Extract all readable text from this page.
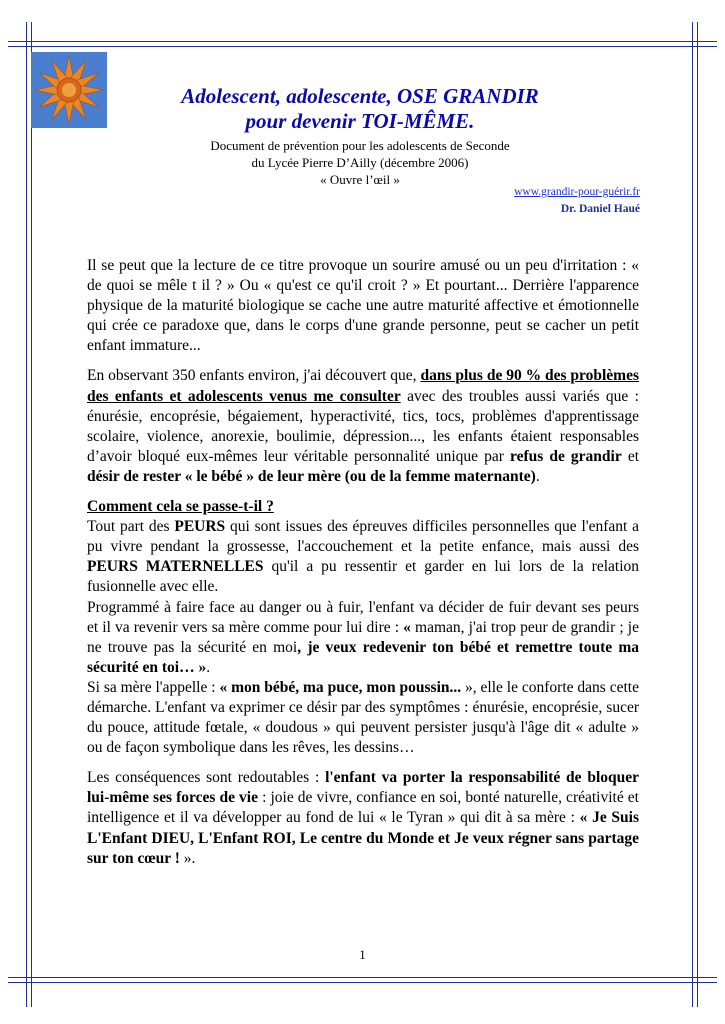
Adolescent, adolescente, OSE GRANDIR
pour devenir TOI-MÊME.
Document de prévention pour les adolescents de Seconde
du Lycée Pierre D’Ailly (décembre 2006)
« Ouvre l’œil »
www.grandir-pour-guérir.fr
Dr. Daniel Haué

Il se peut que la lecture de ce titre provoque un sourire amusé ou un peu d'irritation : « de quoi se mêle t il ? » Ou « qu'est ce qu'il croit ? » Et pourtant... Derrière l'apparence physique de la maturité biologique se cache une autre maturité affective et émotionnelle qui crée ce paradoxe que, dans le corps d'une grande personne, peut se cacher un petit enfant immature...

En observant 350 enfants environ, j'ai découvert que, dans plus de 90 % des problèmes des enfants et adolescents venus me consulter avec des troubles aussi variés que : énurésie, encoprésie, bégaiement, hyperactivité, tics, tocs, problèmes d'apprentissage scolaire, violence, anorexie, boulimie, dépression..., les enfants étaient responsables d’avoir bloqué eux-mêmes leur véritable personnalité unique par refus de grandir et désir de rester « le bébé » de leur mère (ou de la femme maternante).

Comment cela se passe-t-il ?

Tout part des PEURS qui sont issues des épreuves difficiles personnelles que l'enfant a pu vivre pendant la grossesse, l'accouchement et la petite enfance, mais aussi des PEURS MATERNELLES qu'il a pu ressentir et garder en lui lors de la relation fusionnelle avec elle.

Programmé à faire face au danger ou à fuir, l'enfant va décider de fuir devant ses peurs et il va revenir vers sa mère comme pour lui dire : « maman, j'ai trop peur de grandir ; je ne trouve pas la sécurité en moi, je veux redevenir ton bébé et remettre toute ma sécurité en toi… ».

Si sa mère l'appelle : « mon bébé, ma puce, mon poussin... », elle le conforte dans cette démarche. L'enfant va exprimer ce désir par des symptômes : énurésie, encoprésie, sucer du pouce, attitude fœtale, « doudous » qui peuvent persister jusqu'à l'âge dit « adulte » ou de façon symbolique dans les rêves, les dessins…

Les conséquences sont redoutables : l'enfant va porter la responsabilité de bloquer lui-même ses forces de vie : joie de vivre, confiance en soi, bonté naturelle, créativité et intelligence et il va développer au fond de lui « le Tyran » qui dit à sa mère : « Je Suis L'Enfant DIEU, L'Enfant ROI, Le centre du Monde et Je veux régner sans partage sur ton cœur ! ».

1
